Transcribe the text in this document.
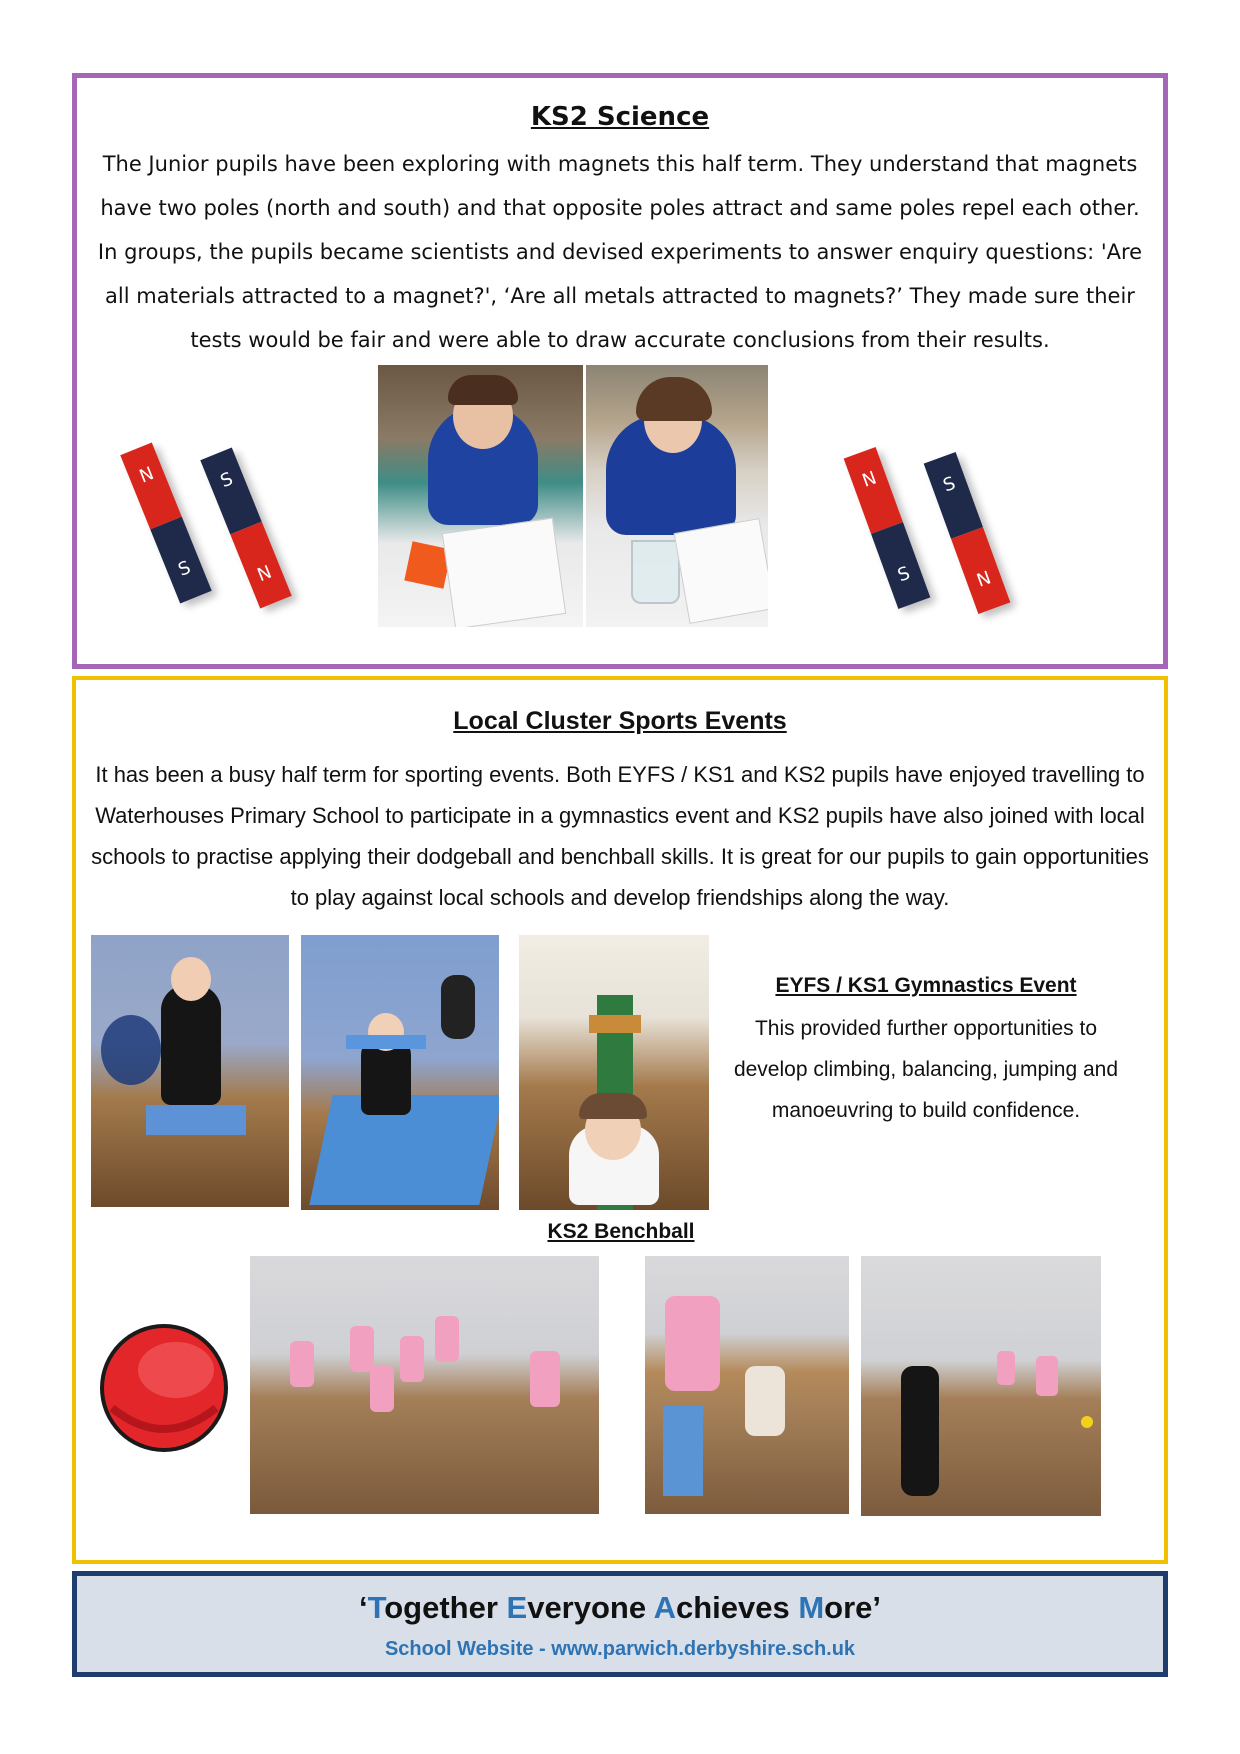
KS2 Science

The Junior pupils have been exploring with magnets this half term. They understand that magnets have two poles (north and south) and that opposite poles attract and same poles repel each other. In groups, the pupils became scientists and devised experiments to answer enquiry questions: 'Are all materials attracted to a magnet?', ‘Are all metals attracted to magnets?’ They made sure their tests would be fair and were able to draw accurate conclusions from their results.

N
S
S
N
N
S
S
N
Local Cluster Sports Events

It has been a busy half term for sporting events. Both EYFS / KS1 and KS2 pupils have enjoyed travelling to Waterhouses Primary School to participate in a gymnastics event and KS2 pupils have also joined with local schools to practise applying their dodgeball and benchball skills. It is great for our pupils to gain opportunities to play against local schools and develop friendships along the way.

EYFS / KS1 Gymnastics Event

This provided further opportunities to develop climbing, balancing, jumping and manoeuvring to build confidence.

KS2 Benchball
‘Together Everyone Achieves More’
School Website - www.parwich.derbyshire.sch.uk
